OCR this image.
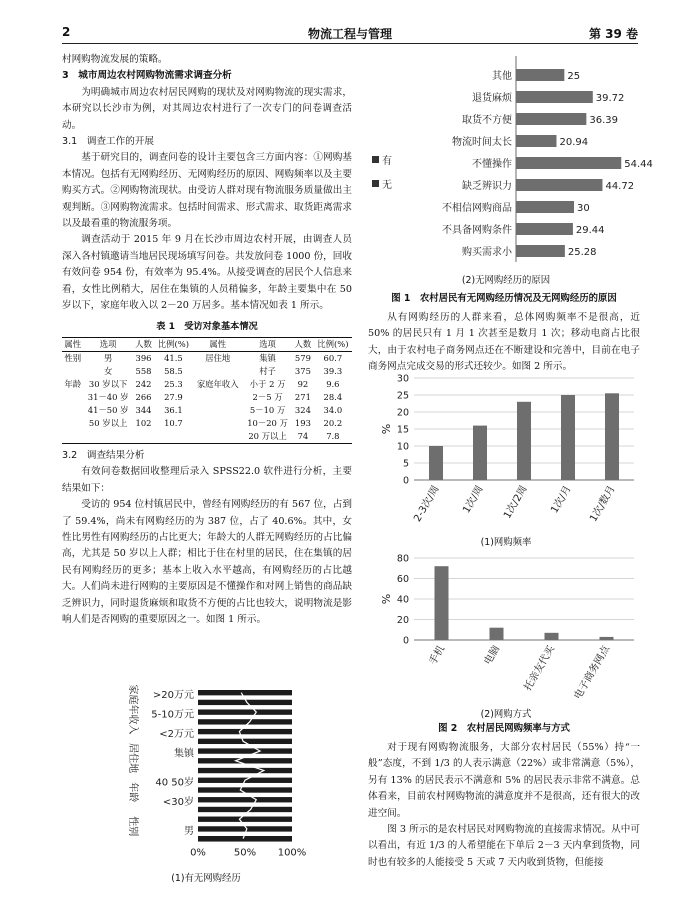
2	物流工程与管理	第 39 卷
村网购物流发展的策略。
3　城市周边农村网购物流需求调查分析
为明确城市周边农村居民网购的现状及对网购物流的现实需求，本研究以长沙市为例，对其周边农村进行了一次专门的问卷调查活动。
3.1　调查工作的开展
基于研究目的，调查问卷的设计主要包含三方面内容：①网购基本情况。包括有无网购经历、无网购经历的原因、网购频率以及主要购买方式。②网购物流现状。由受访人群对现有物流服务质量做出主观判断。③网购物流需求。包括时间需求、形式需求、取货距离需求以及最看重的物流服务项。
调查活动于 2015 年 9 月在长沙市周边农村开展，由调查人员深入各村镇邀请当地居民现场填写问卷。共发放问卷 1000 份，回收有效问卷 954 份，有效率为 95.4%。从接受调查的居民个人信息来看，女性比例稍大，居住在集镇的人员稍偏多，年龄主要集中在 50 岁以下，家庭年收入以 2－20 万居多。基本情况如表 1 所示。
表 1　受访对象基本情况
属性	选项	人数	比例(%)	属性	选项	人数	比例(%)
性别	男	396	41.5	居住地	集镇	579	60.7
	女	558	58.5		村子	375	39.3
年龄	30 岁以下	242	25.3	家庭年收入	小于 2 万	92	9.6
	31－40 岁	266	27.9		2－5 万	271	28.4
	41－50 岁	344	36.1		5－10 万	324	34.0
	50 岁以上	102	10.7		10－20 万	193	20.2
					20 万以上	74	7.8
3.2　调查结果分析
有效问卷数据回收整理后录入 SPSS22.0 软件进行分析，主要结果如下：
受访的 954 位村镇居民中，曾经有网购经历的有 567 位，占到了 59.4%，尚未有网购经历的为 387 位，占了 40.6%。其中，女性比男性有网购经历的占比更大；年龄大的人群无网购经历的占比偏高，尤其是 50 岁以上人群；相比于住在村里的居民，住在集镇的居民有网购经历的更多；基本上收入水平越高，有网购经历的占比越大。人们尚未进行网购的主要原因是不懂操作和对网上销售的商品缺乏辨识力，同时退货麻烦和取货不方便的占比也较大，说明物流是影响人们是否网购的重要原因之一。如图 1 所示。
>20万元
5-10万元
<2万元
集镇
40 50岁
<30岁
男
家庭年收入
居住地
年龄
性别
0%	50% 100%
(1)有无网购经历
其他	25
退货麻烦	39.72
取货不方便	36.39
物流时间太长	20.94
不懂操作	54.44
缺乏辨识力	44.72
不相信网购商品	30
不具备网购条件	29.44
购买需求小	25.28
有
无
(2)无网购经历的原因
图 1　农村居民有无网购经历情况及无网购经历的原因
从有网购经历的人群来看，总体网购频率不是很高，近 50% 的居民只有 1 月 1 次甚至是数月 1 次；移动电商占比很大，由于农村电子商务网点还在不断建设和完善中，目前在电子商务网点完成交易的形式还较少。如图 2 所示。
0
5
10
15
20
25
30
%
2-3次/周 1次/周 1次/2周 1次/月 1次/数月
(1)网购频率
0
20
40
60
80
%
手机	电脑 托亲友代买 电子商务网点
(2)网购方式
图 2　农村居民网购频率与方式
对于现有网购物流服务，大部分农村居民（55%）持“一般”态度，不到 1/3 的人表示满意（22%）或非常满意（5%），另有 13% 的居民表示不满意和 5% 的居民表示非常不满意。总体看来，目前农村网购物流的满意度并不是很高，还有很大的改进空间。
图 3 所示的是农村居民对网购物流的直接需求情况。从中可以看出，有近 1/3 的人希望能在下单后 2－3 天内拿到货物，同时也有较多的人能接受 5 天或 7 天内收到货物，但能接
